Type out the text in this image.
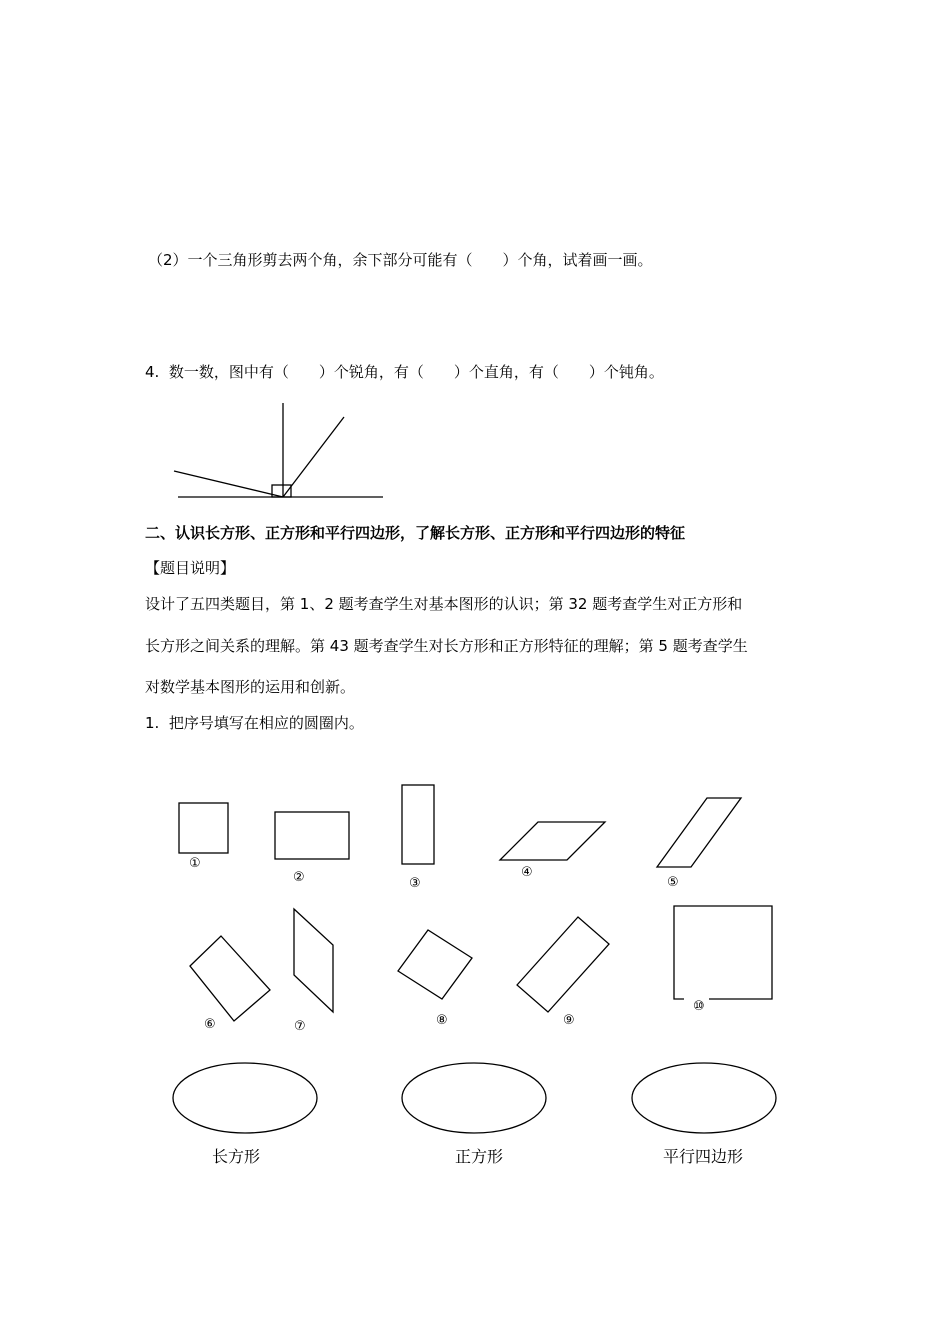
（2）一个三角形剪去两个角，余下部分可能有（　　）个角，试着画一画。
4.  数一数，图中有（　　）个锐角，有（　　）个直角，有（　　）个钝角。
①
②	③
④
⑤
⑥	⑦	⑧	⑨
⑩
二、认识长方形、正方形和平行四边形，了解长方形、正方形和平行四边形的特征
【题目说明】
设计了五四类题目，第 1、2 题考查学生对基本图形的认识；第 32 题考查学生对正方形和
长方形之间关系的理解。第 43 题考查学生对长方形和正方形特征的理解；第 5 题考查学生
对数学基本图形的运用和创新。
1.  把序号填写在相应的圆圈内。
长方形	正方形	平行四边形
